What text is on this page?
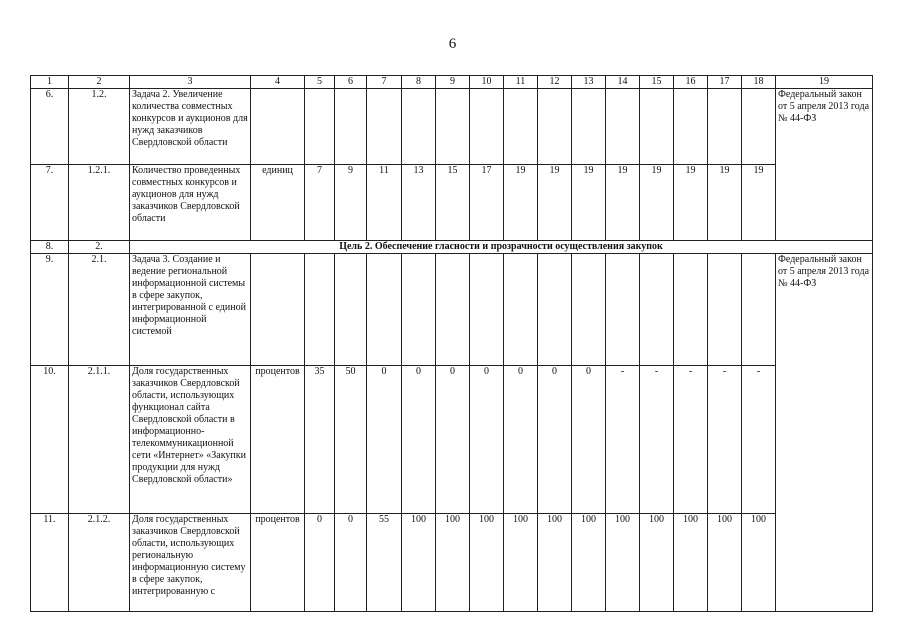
6
1	2	3	4	5	6	7	8	9	10	11	12	13	14	15	16	17	18	19
6.	1.2.	Задача 2. Увеличение количества совместных конкурсов и аукционов для нужд заказчиков Свердловской области																Федеральный закон от 5 апреля 2013 года № 44-ФЗ
7.	1.2.1.	Количество проведенных совместных конкурсов и аукционов для нужд заказчиков Свердловской области	единиц	7	9	11	13	15	17	19	19	19	19	19	19	19	19	
8.	2.	Цель 2. Обеспечение гласности и прозрачности осуществления закупок																
9.	2.1.	Задача 3. Создание и ведение региональной информационной системы в сфере закупок, интегрированной с единой информационной системой																Федеральный закон от 5 апреля 2013 года № 44-ФЗ
10.	2.1.1.	Доля государственных заказчиков Свердловской области, использующих функционал сайта Свердловской области в информационно-телекоммуникационной сети «Интернет» «Закупки продукции для нужд Свердловской области»	процентов	35	50	0	0	0	0	0	0	0	-	-	-	-	-	
11.	2.1.2.	Доля государственных заказчиков Свердловской области, использующих региональную информационную систему в сфере закупок, интегрированную с	процентов	0	0	55	100	100	100	100	100	100	100	100	100	100	100	
